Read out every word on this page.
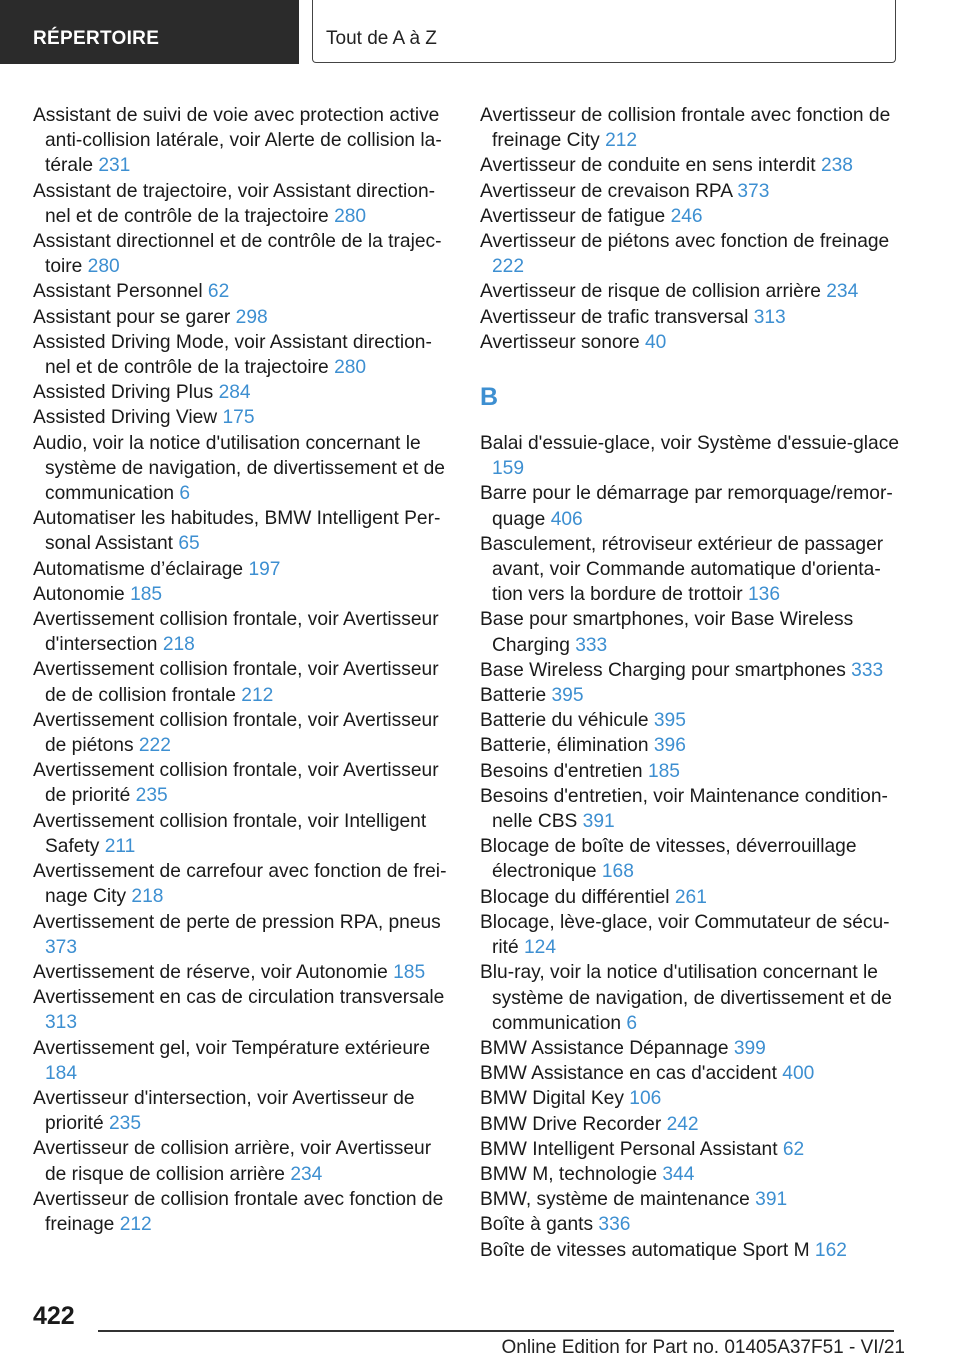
RÉPERTOIRE	Tout de A à Z
Assistant de suivi de voie avec protection active anti-collision latérale, voir Alerte de collision latérale 231
Assistant de trajectoire, voir Assistant directionnel et de contrôle de la trajectoire 280
Assistant directionnel et de contrôle de la trajectoire 280
Assistant Personnel 62
Assistant pour se garer 298
Assisted Driving Mode, voir Assistant directionnel et de contrôle de la trajectoire 280
Assisted Driving Plus 284
Assisted Driving View 175
Audio, voir la notice d'utilisation concernant le système de navigation, de divertissement et de communication 6
Automatiser les habitudes, BMW Intelligent Personal Assistant 65
Automatisme d’éclairage 197
Autonomie 185
Avertissement collision frontale, voir Avertisseur d'intersection 218
Avertissement collision frontale, voir Avertisseur de de collision frontale 212
Avertissement collision frontale, voir Avertisseur de piétons 222
Avertissement collision frontale, voir Avertisseur de priorité 235
Avertissement collision frontale, voir Intelligent Safety 211
Avertissement de carrefour avec fonction de freinage City 218
Avertissement de perte de pression RPA, pneus 373
Avertissement de réserve, voir Autonomie 185
Avertissement en cas de circulation transversale 313
Avertissement gel, voir Température extérieure 184
Avertisseur d'intersection, voir Avertisseur de priorité 235
Avertisseur de collision arrière, voir Avertisseur de risque de collision arrière 234
Avertisseur de collision frontale avec fonction de freinage 212
Avertisseur de collision frontale avec fonction de freinage City 212
Avertisseur de conduite en sens interdit 238
Avertisseur de crevaison RPA 373
Avertisseur de fatigue 246
Avertisseur de piétons avec fonction de freinage 222
Avertisseur de risque de collision arrière 234
Avertisseur de trafic transversal 313
Avertisseur sonore 40
B
Balai d'essuie-glace, voir Système d'essuie-glace 159
Barre pour le démarrage par remorquage/remorquage 406
Basculement, rétroviseur extérieur de passager avant, voir Commande automatique d'orientation vers la bordure de trottoir 136
Base pour smartphones, voir Base Wireless Charging 333
Base Wireless Charging pour smartphones 333
Batterie 395
Batterie du véhicule 395
Batterie, élimination 396
Besoins d'entretien 185
Besoins d'entretien, voir Maintenance conditionnelle CBS 391
Blocage de boîte de vitesses, déverrouillage électronique 168
Blocage du différentiel 261
Blocage, lève-glace, voir Commutateur de sécurité 124
Blu-ray, voir la notice d'utilisation concernant le système de navigation, de divertissement et de communication 6
BMW Assistance Dépannage 399
BMW Assistance en cas d'accident 400
BMW Digital Key 106
BMW Drive Recorder 242
BMW Intelligent Personal Assistant 62
BMW M, technologie 344
BMW, système de maintenance 391
Boîte à gants 336
Boîte de vitesses automatique Sport M 162
422
Online Edition for Part no. 01405A37F51 - VI/21
